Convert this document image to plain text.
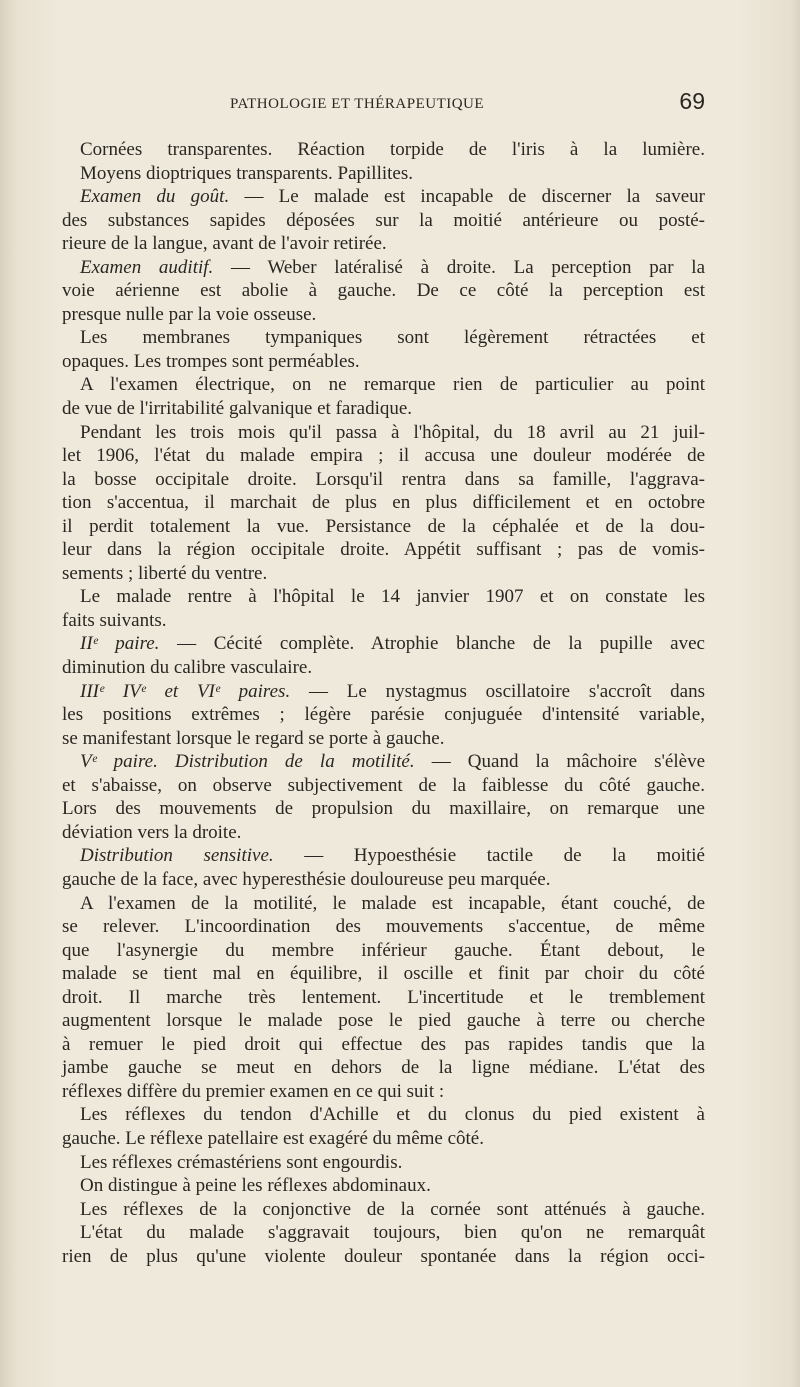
PATHOLOGIE ET THÉRAPEUTIQUE	69
Cornées transparentes. Réaction torpide de l'iris à la lumière.
Moyens dioptriques transparents. Papillites.
Examen du goût. — Le malade est incapable de discerner la saveur
des substances sapides déposées sur la moitié antérieure ou posté-
rieure de la langue, avant de l'avoir retirée.
Examen auditif. — Weber latéralisé à droite. La perception par la
voie aérienne est abolie à gauche. De ce côté la perception est
presque nulle par la voie osseuse.
Les membranes tympaniques sont légèrement rétractées et
opaques. Les trompes sont perméables.
A l'examen électrique, on ne remarque rien de particulier au point
de vue de l'irritabilité galvanique et faradique.
Pendant les trois mois qu'il passa à l'hôpital, du 18 avril au 21 juil-
let 1906, l'état du malade empira ; il accusa une douleur modérée de
la bosse occipitale droite. Lorsqu'il rentra dans sa famille, l'aggrava-
tion s'accentua, il marchait de plus en plus difficilement et en octobre
il perdit totalement la vue. Persistance de la céphalée et de la dou-
leur dans la région occipitale droite. Appétit suffisant ; pas de vomis-
sements ; liberté du ventre.
Le malade rentre à l'hôpital le 14 janvier 1907 et on constate les
faits suivants.
IIᵉ paire. — Cécité complète. Atrophie blanche de la pupille avec
diminution du calibre vasculaire.
IIIᵉ IVᵉ et VIᵉ paires. — Le nystagmus oscillatoire s'accroît dans
les positions extrêmes ; légère parésie conjuguée d'intensité variable,
se manifestant lorsque le regard se porte à gauche.
Vᵉ paire. Distribution de la motilité. — Quand la mâchoire s'élève
et s'abaisse, on observe subjectivement de la faiblesse du côté gauche.
Lors des mouvements de propulsion du maxillaire, on remarque une
déviation vers la droite.
Distribution sensitive. — Hypoesthésie tactile de la moitié
gauche de la face, avec hyperesthésie douloureuse peu marquée.
A l'examen de la motilité, le malade est incapable, étant couché, de
se relever. L'incoordination des mouvements s'accentue, de même
que l'asynergie du membre inférieur gauche. Étant debout, le
malade se tient mal en équilibre, il oscille et finit par choir du côté
droit. Il marche très lentement. L'incertitude et le tremblement
augmentent lorsque le malade pose le pied gauche à terre ou cherche
à remuer le pied droit qui effectue des pas rapides tandis que la
jambe gauche se meut en dehors de la ligne médiane. L'état des
réflexes diffère du premier examen en ce qui suit :
Les réflexes du tendon d'Achille et du clonus du pied existent à
gauche. Le réflexe patellaire est exagéré du même côté.
Les réflexes crémastériens sont engourdis.
On distingue à peine les réflexes abdominaux.
Les réflexes de la conjonctive de la cornée sont atténués à gauche.
L'état du malade s'aggravait toujours, bien qu'on ne remarquât
rien de plus qu'une violente douleur spontanée dans la région occi-
